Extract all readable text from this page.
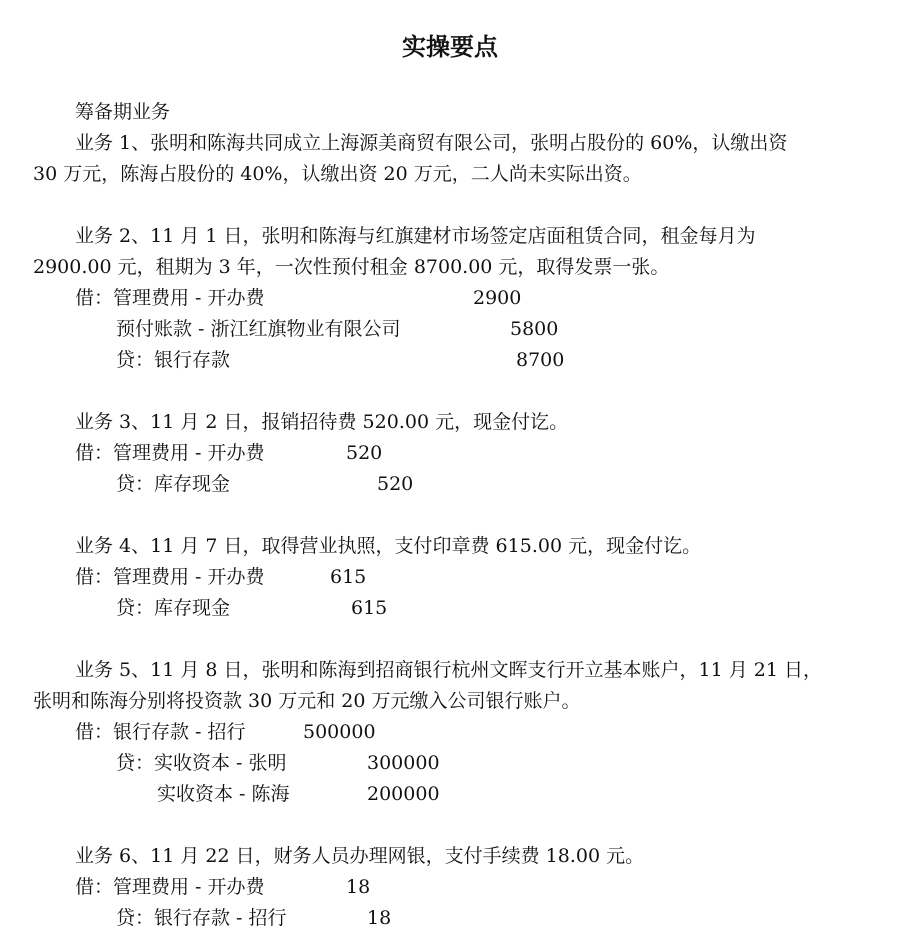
实操要点
筹备期业务
业务 1、张明和陈海共同成立上海源美商贸有限公司，张明占股份的 60%，认缴出资
30 万元，陈海占股份的 40%，认缴出资 20 万元，二人尚未实际出资。
业务 2、11 月 1 日，张明和陈海与红旗建材市场签定店面租赁合同，租金每月为
2900.00 元，租期为 3 年，一次性预付租金 8700.00 元，取得发票一张。
借：管理费用 - 开办费	2900
预付账款 - 浙江红旗物业有限公司	5800
贷：银行存款	8700
业务 3、11 月 2 日，报销招待费 520.00 元，现金付讫。
借：管理费用 - 开办费	520
贷：库存现金	520
业务 4、11 月 7 日，取得营业执照，支付印章费 615.00 元，现金付讫。
借：管理费用 - 开办费	615
贷：库存现金	615
业务 5、11 月 8 日，张明和陈海到招商银行杭州文晖支行开立基本账户，11 月 21 日，
张明和陈海分别将投资款 30 万元和 20 万元缴入公司银行账户。
借：银行存款 - 招行	500000
贷：实收资本 - 张明	300000
实收资本 - 陈海	200000
业务 6、11 月 22 日，财务人员办理网银，支付手续费 18.00 元。
借：管理费用 - 开办费	18
贷：银行存款 - 招行	18
